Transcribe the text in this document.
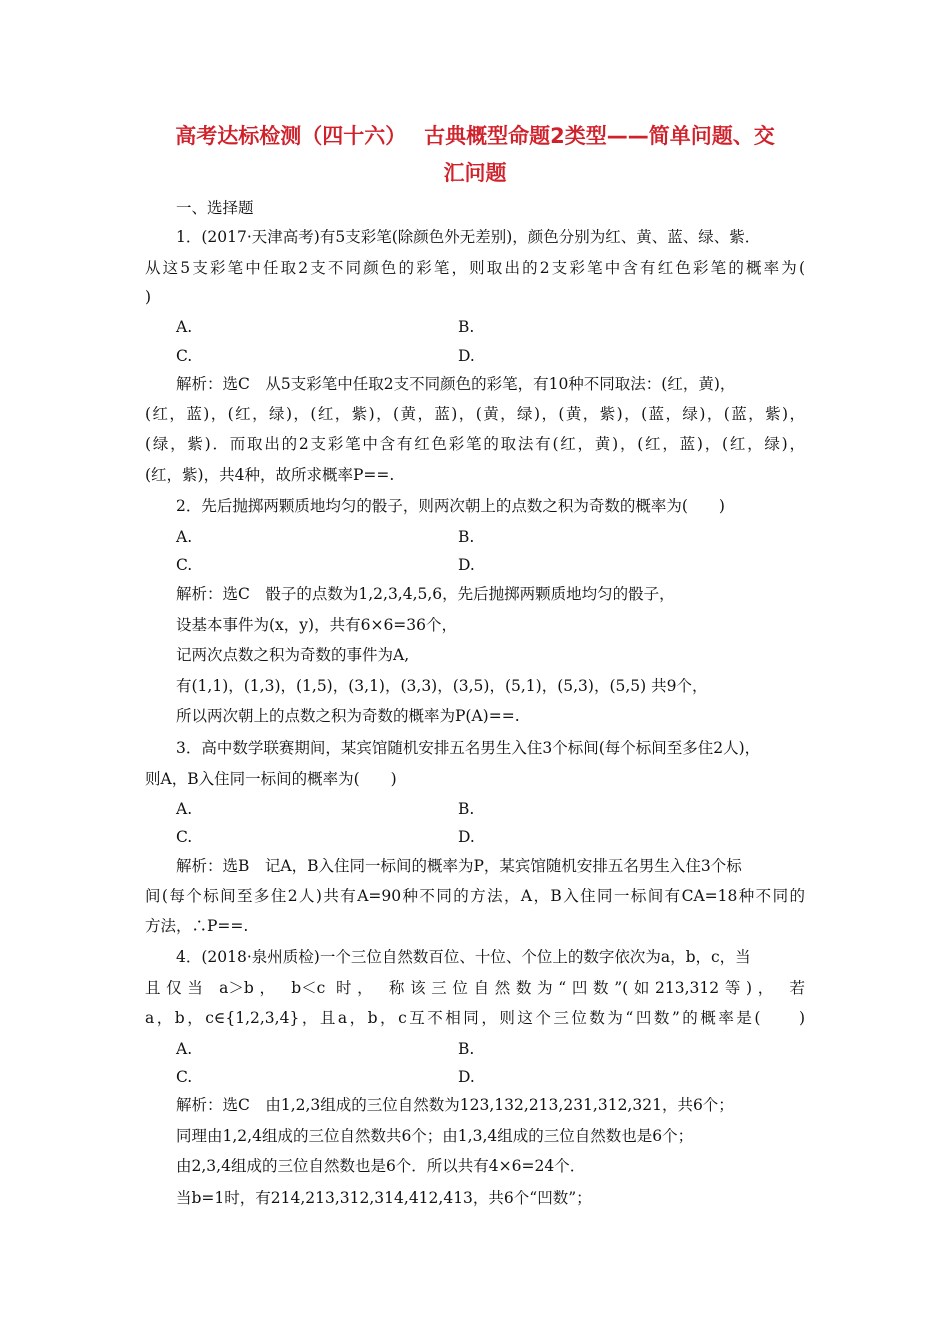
高考达标检测（四十六）　 古典概型命题2类型——简单问题、交
汇问题
一、选择题
1．(2017·天津高考)有5支彩笔(除颜色外无差别)，颜色分别为红、黄、蓝、绿、紫．
从这5支彩笔中任取2支不同颜色的彩笔，则取出的2支彩笔中含有红色彩笔的概率为(
)
A.	B.
C.	D.
解析：选C　从5支彩笔中任取2支不同颜色的彩笔，有10种不同取法：(红，黄)，
(红，蓝)，(红，绿)，(红，紫)，(黄，蓝)，(黄，绿)，(黄，紫)，(蓝，绿)，(蓝，紫)，
(绿，紫)．而取出的2支彩笔中含有红色彩笔的取法有(红，黄)，(红，蓝)，(红，绿)，
(红，紫)，共4种，故所求概率P==.
2．先后抛掷两颗质地均匀的骰子，则两次朝上的点数之积为奇数的概率为(　　)
A.	B.
C.	D.
解析：选C　骰子的点数为1,2,3,4,5,6，先后抛掷两颗质地均匀的骰子，
设基本事件为(x，y)，共有6×6=36个，
记两次点数之积为奇数的事件为A,
有(1,1)，(1,3)，(1,5)，(3,1)，(3,3)，(3,5)，(5,1)，(5,3)，(5,5) 共9个，
所以两次朝上的点数之积为奇数的概率为P(A)==.
3．高中数学联赛期间，某宾馆随机安排五名男生入住3个标间(每个标间至多住2人)，
则A，B入住同一标间的概率为(　　)
A.	B.
C.	D.
解析：选B　记A，B入住同一标间的概率为P，某宾馆随机安排五名男生入住3个标
间(每个标间至多住2人)共有A=90种不同的方法，A，B入住同一标间有CA=18种不同的
方法，∴P==.
4．(2018·泉州质检)一个三位自然数百位、十位、个位上的数字依次为a，b，c，当
且仅当 a＞b， b＜c 时， 称该三位自然数为“凹数”(如213,312等)， 若
a，b，c∈{1,2,3,4}，且a，b，c互不相同，则这个三位数为“凹数”的概率是(　　)
A.	B.
C.	D.
解析：选C　由1,2,3组成的三位自然数为123,132,213,231,312,321，共6个；
同理由1,2,4组成的三位自然数共6个；由1,3,4组成的三位自然数也是6个；
由2,3,4组成的三位自然数也是6个．所以共有4×6=24个．
当b=1时，有214,213,312,314,412,413，共6个“凹数”；
